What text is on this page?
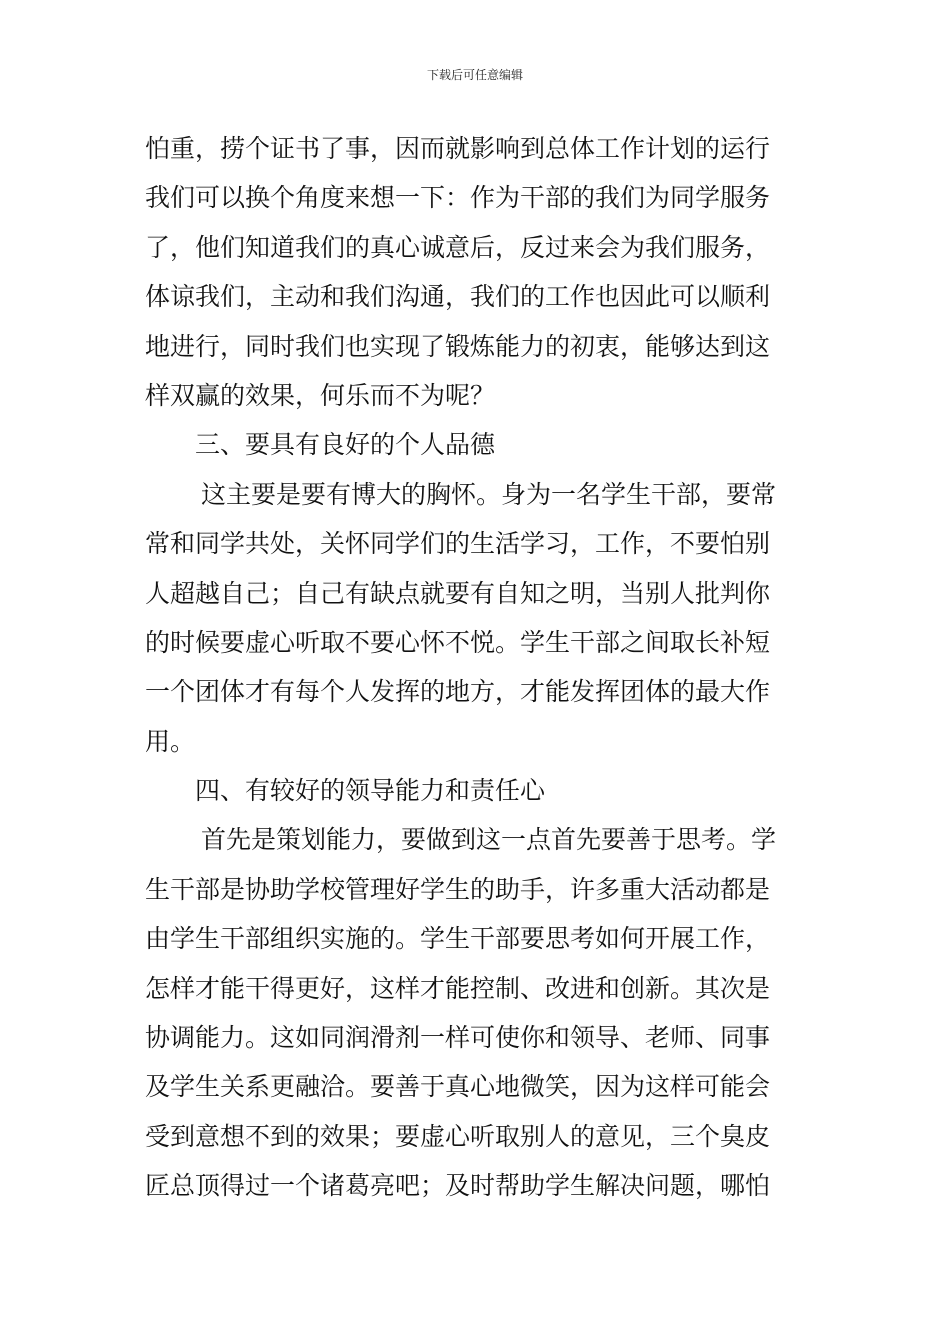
下载后可任意编辑
怕重，捞个证书了事，因而就影响到总体工作计划的运行
我们可以换个角度来想一下：作为干部的我们为同学服务
了，他们知道我们的真心诚意后，反过来会为我们服务，
体谅我们，主动和我们沟通，我们的工作也因此可以顺利
地进行，同时我们也实现了锻炼能力的初衷，能够达到这
样双赢的效果，何乐而不为呢？
三、要具有良好的个人品德
这主要是要有博大的胸怀。身为一名学生干部，要常
常和同学共处，关怀同学们的生活学习，工作，不要怕别
人超越自己；自己有缺点就要有自知之明，当别人批判你
的时候要虚心听取不要心怀不悦。学生干部之间取长补短
一个团体才有每个人发挥的地方，才能发挥团体的最大作
用。
四、有较好的领导能力和责任心
首先是策划能力，要做到这一点首先要善于思考。学
生干部是协助学校管理好学生的助手，许多重大活动都是
由学生干部组织实施的。学生干部要思考如何开展工作，
怎样才能干得更好，这样才能控制、改进和创新。其次是
协调能力。这如同润滑剂一样可使你和领导、老师、同事
及学生关系更融洽。要善于真心地微笑，因为这样可能会
受到意想不到的效果；要虚心听取别人的意见，三个臭皮
匠总顶得过一个诸葛亮吧；及时帮助学生解决问题，哪怕
